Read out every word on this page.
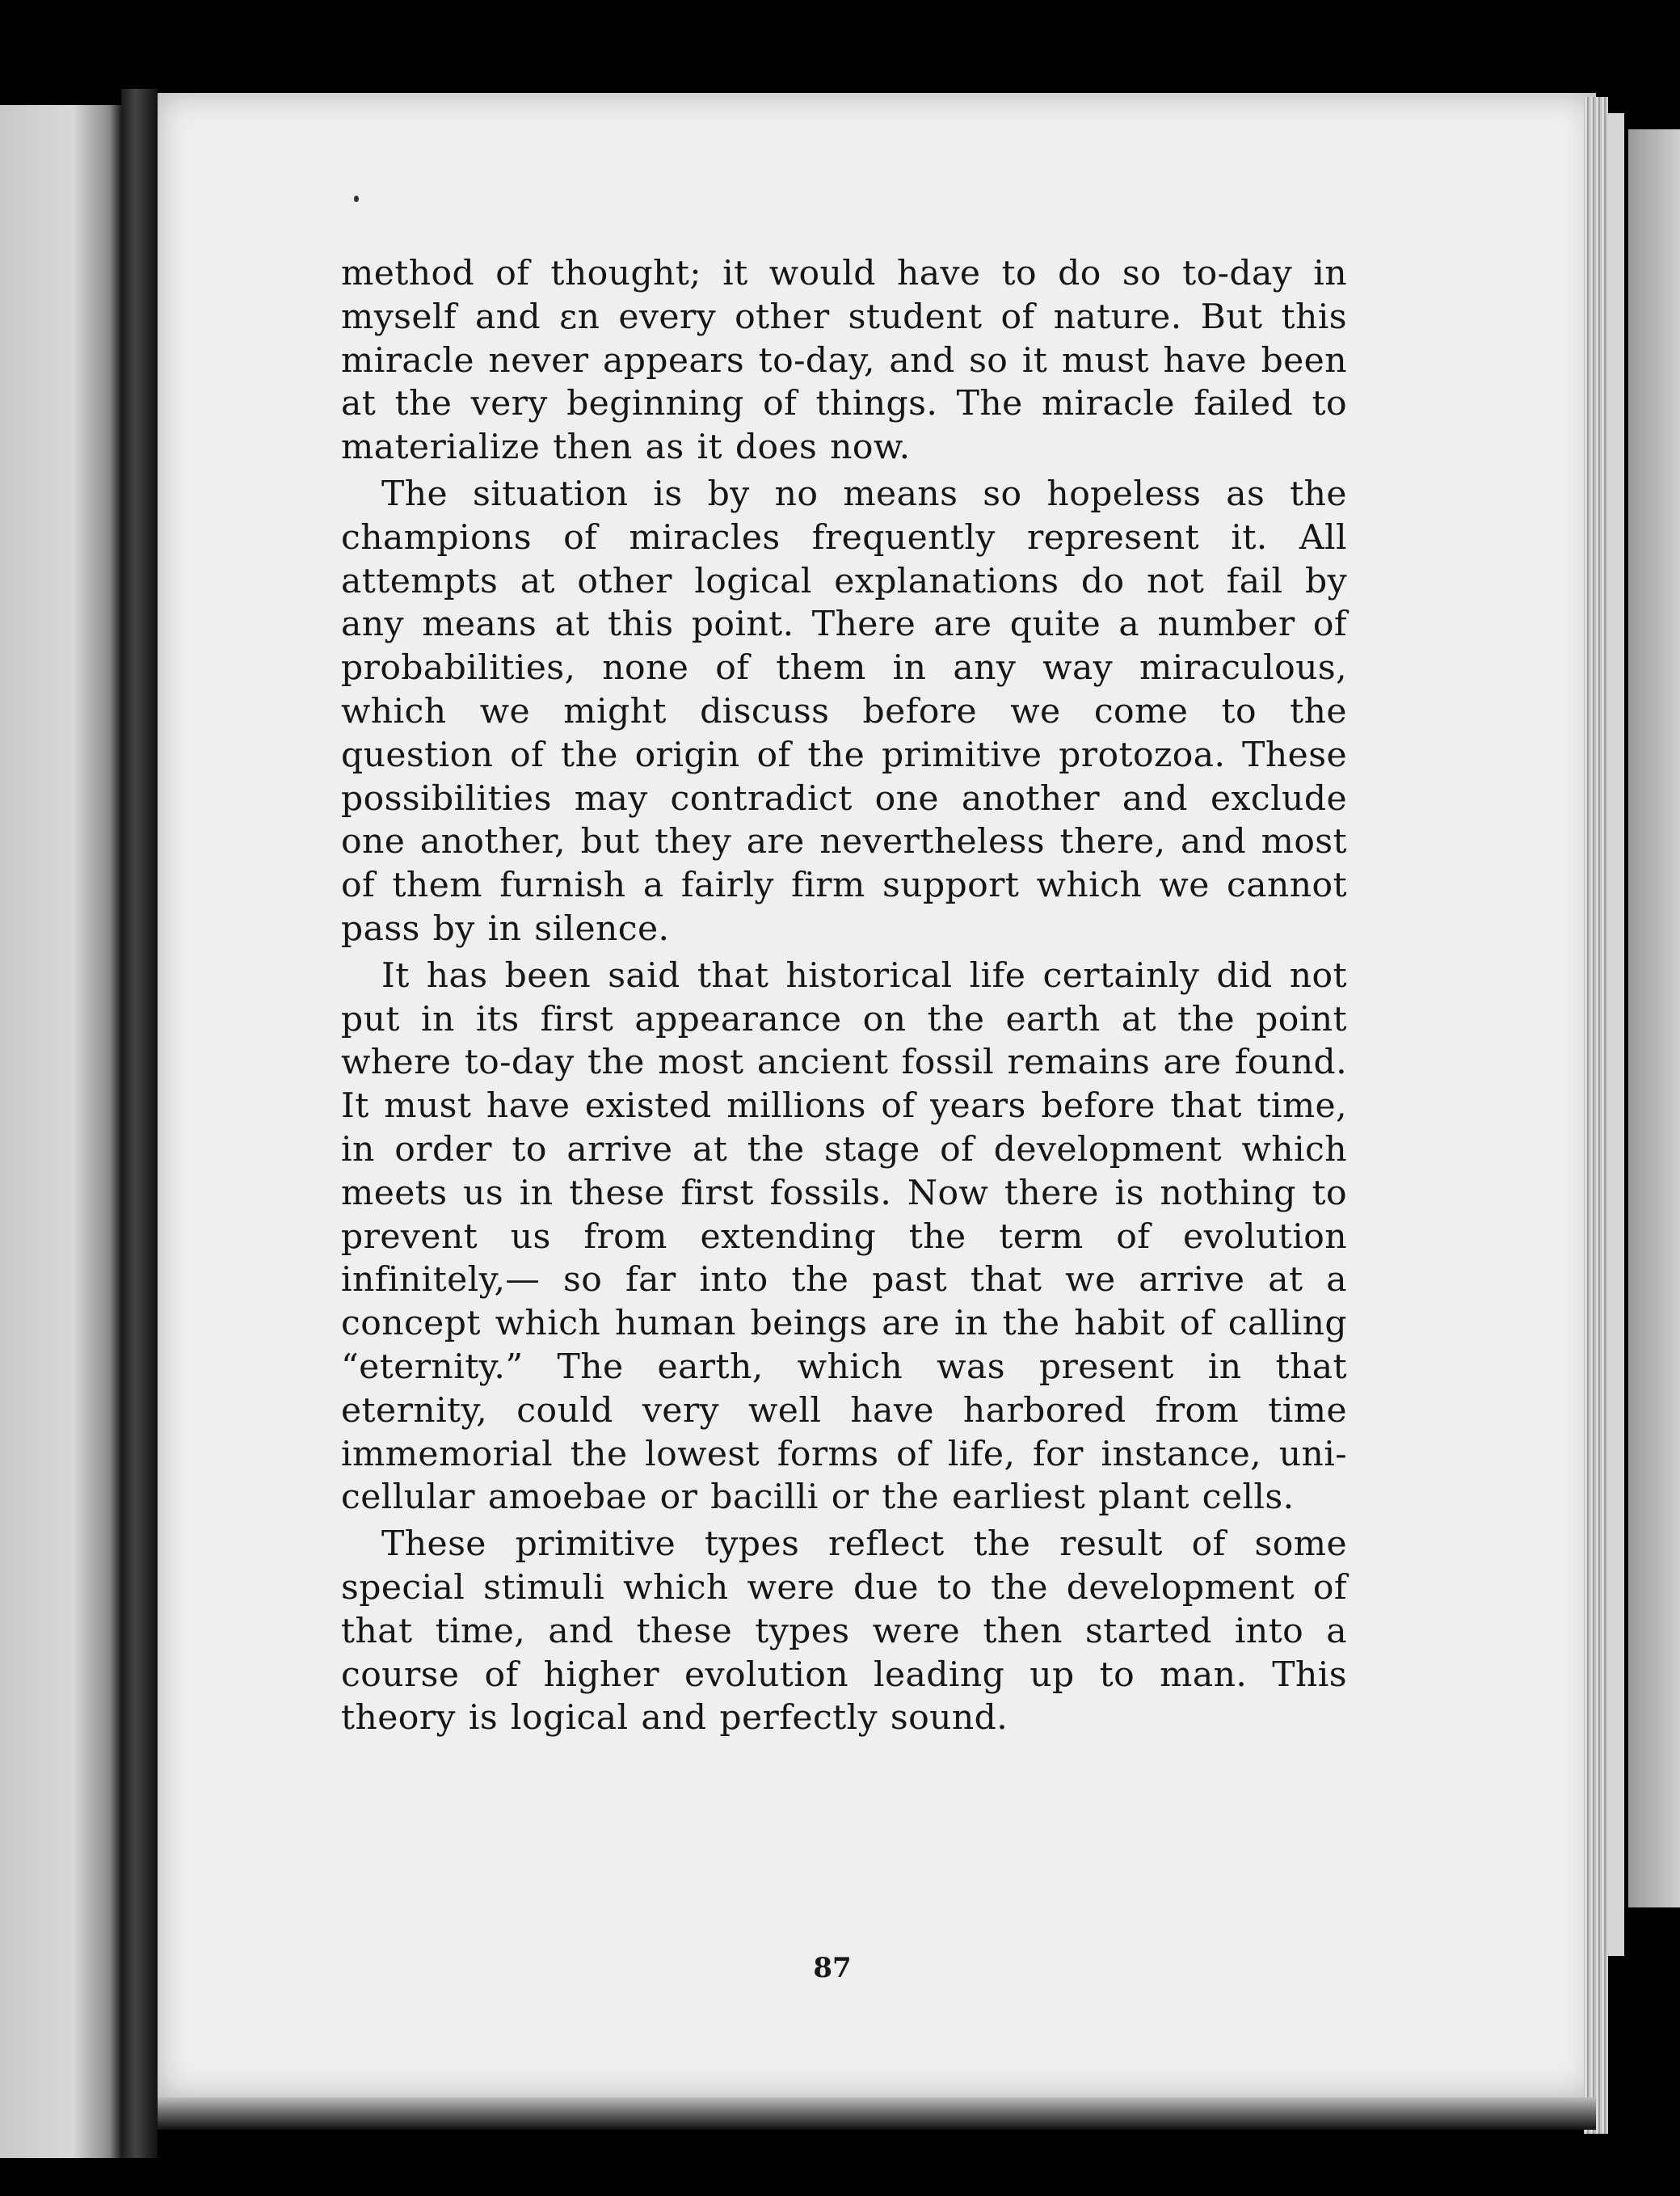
method of thought; it would have to do so to-day in myself and ɛn every other student of nature. But this miracle never appears to-day, and so it must have been at the very beginning of things. The miracle failed to materialize then as it does now.

The situation is by no means so hopeless as the champions of miracles frequently represent it. All attempts at other logical explanations do not fail by any means at this point. There are quite a number of probabilities, none of them in any way miraculous, which we might discuss before we come to the question of the origin of the primitive protozoa. These possibilities may contradict one another and exclude one another, but they are nevertheless there, and most of them furnish a fairly firm support which we cannot pass by in silence.

It has been said that historical life certainly did not put in its first appearance on the earth at the point where to-day the most ancient fossil remains are found. It must have existed millions of years before that time, in order to arrive at the stage of development which meets us in these first fossils. Now there is nothing to prevent us from extending the term of evolution infinitely,— so far into the past that we arrive at a concept which human beings are in the habit of calling “eternity.” The earth, which was present in that eternity, could very well have harbored from time immemorial the lowest forms of life, for instance, uni-cellular amoebae or bacilli or the earliest plant cells.

These primitive types reflect the result of some special stimuli which were due to the development of that time, and these types were then started into a course of higher evolution leading up to man. This theory is logical and perfectly sound.

87
